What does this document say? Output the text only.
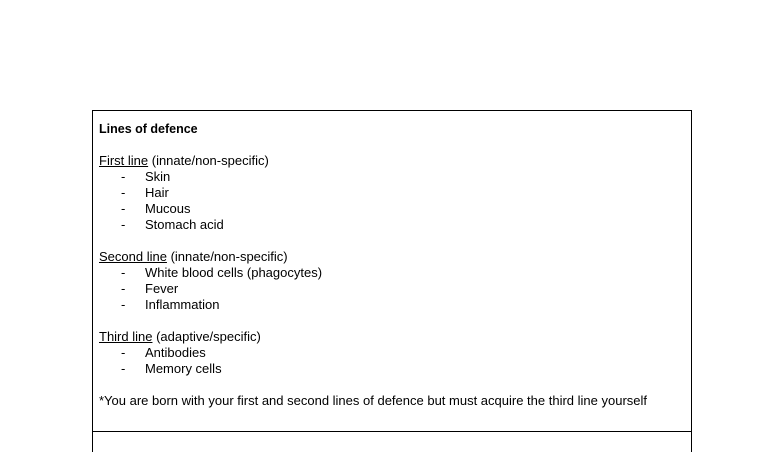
Lines of defence
First line (innate/non-specific)
- Skin
- Hair
- Mucous
- Stomach acid
Second line (innate/non-specific)
- White blood cells (phagocytes)
- Fever
- Inflammation
Third line (adaptive/specific)
- Antibodies
- Memory cells
*You are born with your first and second lines of defence but must acquire the third line yourself
